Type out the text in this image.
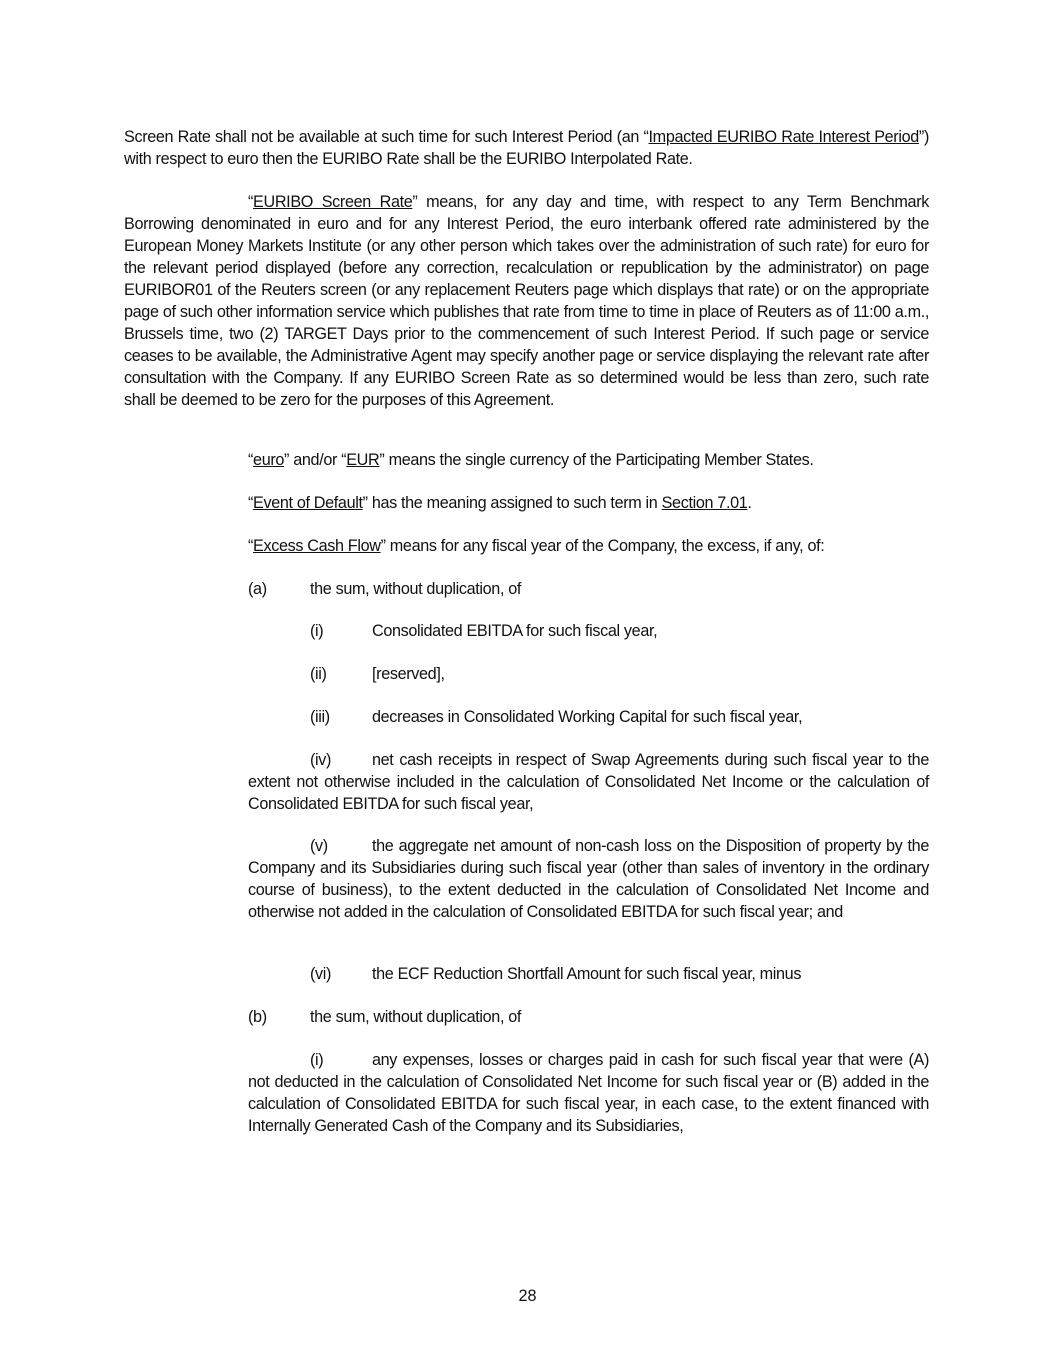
Screen Rate shall not be available at such time for such Interest Period (an “Impacted EURIBO Rate Interest Period”) with respect to euro then the EURIBO Rate shall be the EURIBO Interpolated Rate.

“EURIBO Screen Rate” means, for any day and time, with respect to any Term Benchmark Borrowing denominated in euro and for any Interest Period, the euro interbank offered rate administered by the European Money Markets Institute (or any other person which takes over the administration of such rate) for euro for the relevant period displayed (before any correction, recalculation or republication by the administrator) on page EURIBOR01 of the Reuters screen (or any replacement Reuters page which displays that rate) or on the appropriate page of such other information service which publishes that rate from time to time in place of Reuters as of 11:00 a.m., Brussels time, two (2) TARGET Days prior to the commencement of such Interest Period. If such page or service ceases to be available, the Administrative Agent may specify another page or service displaying the relevant rate after consultation with the Company. If any EURIBO Screen Rate as so determined would be less than zero, such rate shall be deemed to be zero for the purposes of this Agreement.

“euro” and/or “EUR” means the single currency of the Participating Member States.

“Event of Default” has the meaning assigned to such term in Section 7.01.

“Excess Cash Flow” means for any fiscal year of the Company, the excess, if any, of:

(a)	the sum, without duplication, of
(i)	Consolidated EBITDA for such fiscal year,
(ii)	[reserved],
(iii)	decreases in Consolidated Working Capital for such fiscal year,

(iv)	net cash receipts in respect of Swap Agreements during such fiscal year to the extent not otherwise included in the calculation of Consolidated Net Income or the calculation of Consolidated EBITDA for such fiscal year,

(v)	the aggregate net amount of non-cash loss on the Disposition of property by the Company and its Subsidiaries during such fiscal year (other than sales of inventory in the ordinary course of business), to the extent deducted in the calculation of Consolidated Net Income and otherwise not added in the calculation of Consolidated EBITDA for such fiscal year; and

(vi)	the ECF Reduction Shortfall Amount for such fiscal year, minus
(b)	the sum, without duplication, of

(i)	any expenses, losses or charges paid in cash for such fiscal year that were (A) not deducted in the calculation of Consolidated Net Income for such fiscal year or (B) added in the calculation of Consolidated EBITDA for such fiscal year, in each case, to the extent financed with Internally Generated Cash of the Company and its Subsidiaries,

28
